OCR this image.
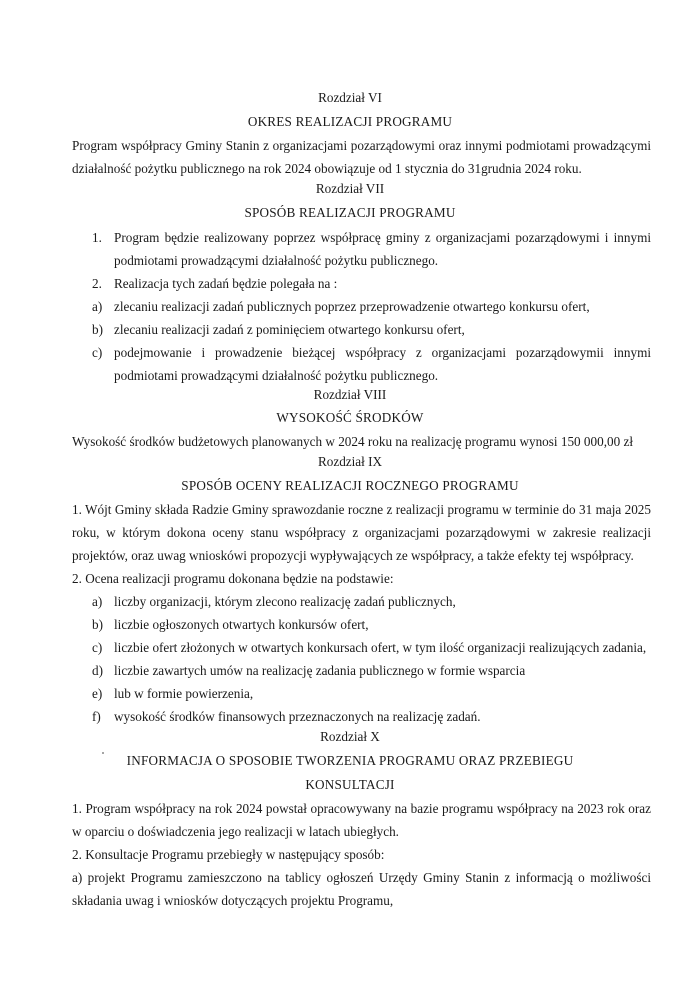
Rozdział VI
OKRES REALIZACJI PROGRAMU
Program współpracy Gminy Stanin z organizacjami pozarządowymi oraz innymi podmiotami prowadzącymi
działalność pożytku publicznego na rok 2024 obowiązuje od 1 stycznia do 31grudnia 2024 roku.
Rozdział VII
SPOSÓB REALIZACJI PROGRAMU
1. Program będzie realizowany poprzez współpracę gminy z organizacjami pozarządowymi i innymi
podmiotami prowadzącymi działalność pożytku publicznego.
2. Realizacja tych zadań będzie polegała na :
a) zlecaniu realizacji zadań publicznych poprzez przeprowadzenie otwartego konkursu ofert,
b) zlecaniu realizacji zadań z pominięciem otwartego konkursu ofert,
c) podejmowanie i prowadzenie bieżącej współpracy z organizacjami pozarządowymii innymi
podmiotami prowadzącymi działalność pożytku publicznego.
Rozdział VIII
WYSOKOŚĆ ŚRODKÓW
Wysokość środków budżetowych planowanych w 2024 roku na realizację programu wynosi 150 000,00 zł
Rozdział IX
SPOSÓB OCENY REALIZACJI ROCZNEGO PROGRAMU
1. Wójt Gminy składa Radzie Gminy sprawozdanie roczne z realizacji programu w terminie do 31 maja 2025
roku, w którym dokona oceny stanu współpracy z organizacjami pozarządowymi w zakresie realizacji
projektów, oraz uwag wnioskówi propozycji wypływających ze współpracy, a także efekty tej współpracy.
2. Ocena realizacji programu dokonana będzie na podstawie:
a) liczby organizacji, którym zlecono realizację zadań publicznych,
b) liczbie ogłoszonych otwartych konkursów ofert,
c) liczbie ofert złożonych w otwartych konkursach ofert, w tym ilość organizacji realizujących zadania,
d) liczbie zawartych umów na realizację zadania publicznego w formie wsparcia
e) lub w formie powierzenia,
f) wysokość środków finansowych przeznaczonych na realizację zadań.
Rozdział X
INFORMACJA O SPOSOBIE TWORZENIA PROGRAMU ORAZ PRZEBIEGU
KONSULTACJI
1. Program współpracy na rok 2024 powstał opracowywany na bazie programu współpracy na 2023 rok oraz
w oparciu o doświadczenia jego realizacji w latach ubiegłych.
2. Konsultacje Programu przebiegły w następujący sposób:
a) projekt Programu zamieszczono na tablicy ogłoszeń Urzędy Gminy Stanin z informacją o możliwości
składania uwag i wniosków dotyczących projektu Programu,
